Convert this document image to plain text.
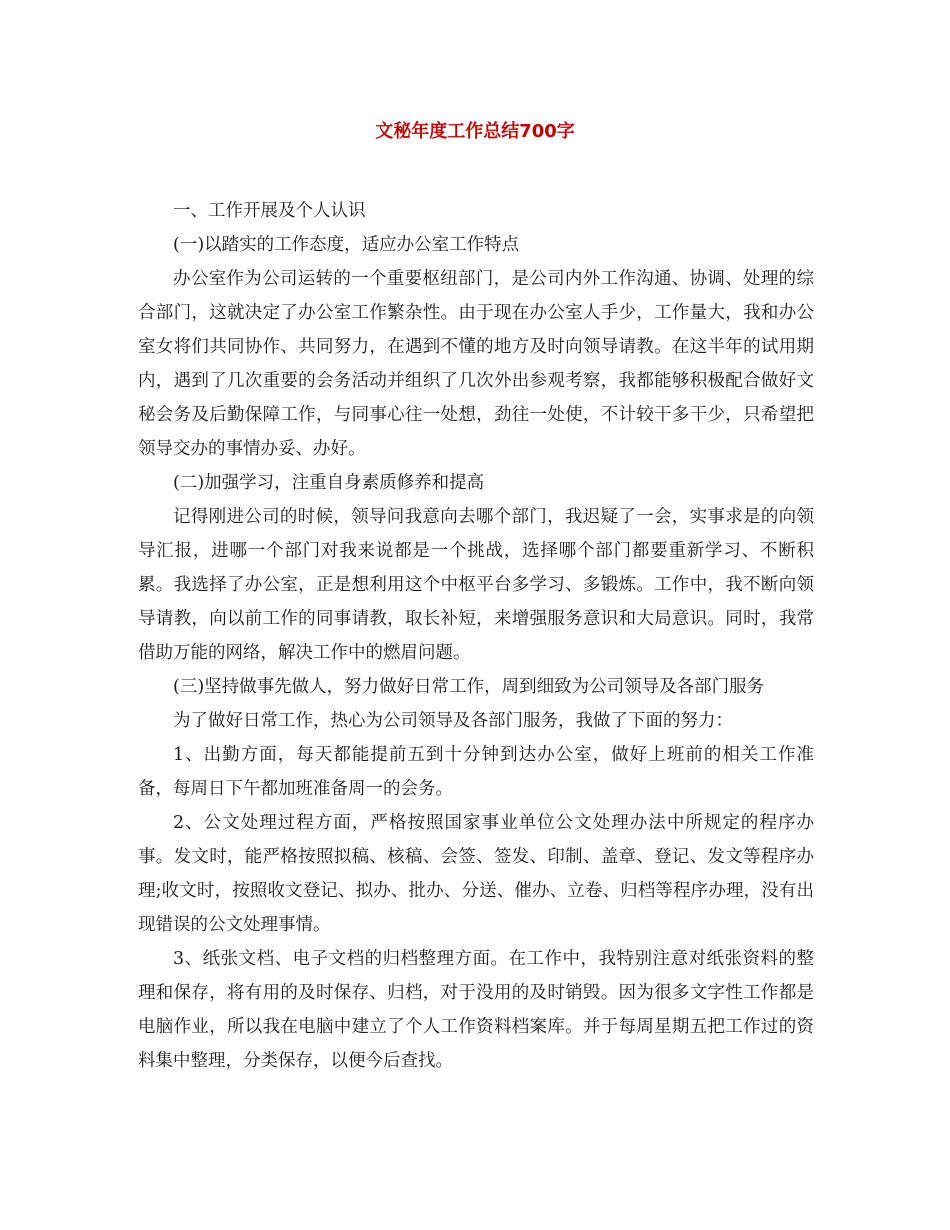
文秘年度工作总结700字

一、工作开展及个人认识

(一)以踏实的工作态度，适应办公室工作特点

办公室作为公司运转的一个重要枢纽部门，是公司内外工作沟通、协调、处理的综合部门，这就决定了办公室工作繁杂性。由于现在办公室人手少，工作量大，我和办公室女将们共同协作、共同努力，在遇到不懂的地方及时向领导请教。在这半年的试用期内，遇到了几次重要的会务活动并组织了几次外出参观考察，我都能够积极配合做好文秘会务及后勤保障工作，与同事心往一处想，劲往一处使，不计较干多干少，只希望把领导交办的事情办妥、办好。

(二)加强学习，注重自身素质修养和提高

记得刚进公司的时候，领导问我意向去哪个部门，我迟疑了一会，实事求是的向领导汇报，进哪一个部门对我来说都是一个挑战，选择哪个部门都要重新学习、不断积累。我选择了办公室，正是想利用这个中枢平台多学习、多锻炼。工作中，我不断向领导请教，向以前工作的同事请教，取长补短，来增强服务意识和大局意识。同时，我常借助万能的网络，解决工作中的燃眉问题。

(三)坚持做事先做人，努力做好日常工作，周到细致为公司领导及各部门服务

为了做好日常工作，热心为公司领导及各部门服务，我做了下面的努力：

1、出勤方面，每天都能提前五到十分钟到达办公室，做好上班前的相关工作准备，每周日下午都加班准备周一的会务。

2、公文处理过程方面，严格按照国家事业单位公文处理办法中所规定的程序办事。发文时，能严格按照拟稿、核稿、会签、签发、印制、盖章、登记、发文等程序办理;收文时，按照收文登记、拟办、批办、分送、催办、立卷、归档等程序办理，没有出现错误的公文处理事情。

3、纸张文档、电子文档的归档整理方面。在工作中，我特别注意对纸张资料的整理和保存，将有用的及时保存、归档，对于没用的及时销毁。因为很多文字性工作都是电脑作业，所以我在电脑中建立了个人工作资料档案库。并于每周星期五把工作过的资料集中整理，分类保存，以便今后查找。
